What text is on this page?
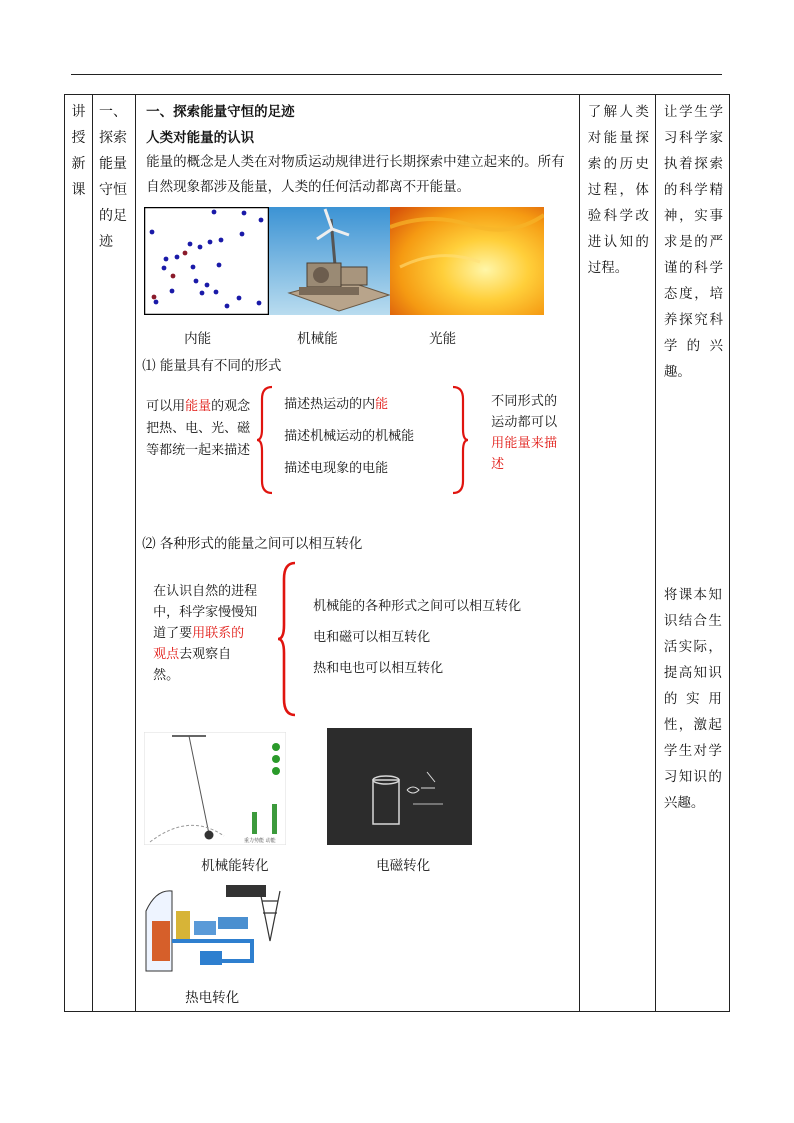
讲
授
新
课

一、
探索
能量
守恒
的足
迹

一、探索能量守恒的足迹
人类对能量的认识
能量的概念是人类在对物质运动规律进行长期探索中建立起来的。所有自然现象都涉及能量，人类的任何活动都离不开能量。
内能	机械能	光能
⑴ 能量具有不同的形式
可以用能量的观念把热、电、光、磁等都统一起来描述
描述热运动的内能
描述机械运动的机械能
描述电现象的电能
不同形式的运动都可以用能量来描述
⑵ 各种形式的能量之间可以相互转化
在认识自然的进程中，科学家慢慢知道了要用联系的观点去观察自然。
机械能的各种形式之间可以相互转化
电和磁可以相互转化
热和电也可以相互转化
重力势能 动能
机械能转化	电磁转化
热电转化

了解人类对能量探索的历史过程，体验科学改进认知的过程。

让学生学习科学家执着探索的科学精神，实事求是的严谨的科学态度，培养探究科学的兴趣。
将课本知识结合生活实际，提高知识的实用性，激起学生对学习知识的兴趣。
